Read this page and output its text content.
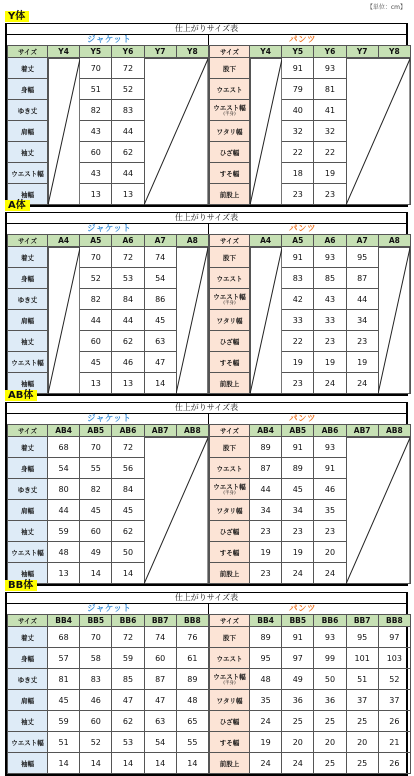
【単位：cm】
Y体
仕上がりサイズ表
ジャケット
サイズ	Y4	Y5	Y6	Y7	Y8
着丈		70	72		
身幅		51	52		
ゆき丈		82	83		
肩幅		43	44		
袖丈		60	62		
ウエスト幅		43	44		
袖幅		13	13		
パンツ
サイズ	Y4	Y5	Y6	Y7	Y8
股下		91	93		
ウエスト		79	81		
ウエスト幅
(半身)		40	41		
ワタリ幅		32	32		
ひざ幅		22	22		
すそ幅		18	19		
前股上		23	23		
A体
仕上がりサイズ表
ジャケット
サイズ	A4	A5	A6	A7	A8
着丈		70	72	74	
身幅		52	53	54	
ゆき丈		82	84	86	
肩幅		44	44	45	
袖丈		60	62	63	
ウエスト幅		45	46	47	
袖幅		13	13	14	
パンツ
サイズ	A4	A5	A6	A7	A8
股下		91	93	95	
ウエスト		83	85	87	
ウエスト幅
(半身)		42	43	44	
ワタリ幅		33	33	34	
ひざ幅		22	23	23	
すそ幅		19	19	19	
前股上		23	24	24	
AB体
仕上がりサイズ表
ジャケット
サイズ	AB4	AB5	AB6	AB7	AB8
着丈	68	70	72		
身幅	54	55	56		
ゆき丈	80	82	84		
肩幅	44	45	45		
袖丈	59	60	62		
ウエスト幅	48	49	50		
袖幅	13	14	14		
パンツ
サイズ	AB4	AB5	AB6	AB7	AB8
股下	89	91	93		
ウエスト	87	89	91		
ウエスト幅
(半身)	44	45	46		
ワタリ幅	34	34	35		
ひざ幅	23	23	23		
すそ幅	19	19	20		
前股上	23	24	24		
BB体
仕上がりサイズ表
ジャケット
サイズ	BB4	BB5	BB6	BB7	BB8
着丈	68	70	72	74	76
身幅	57	58	59	60	61
ゆき丈	81	83	85	87	89
肩幅	45	46	47	47	48
袖丈	59	60	62	63	65
ウエスト幅	51	52	53	54	55
袖幅	14	14	14	14	14
パンツ
サイズ	BB4	BB5	BB6	BB7	BB8
股下	89	91	93	95	97
ウエスト	95	97	99	101	103
ウエスト幅
(半身)	48	49	50	51	52
ワタリ幅	35	36	36	37	37
ひざ幅	24	25	25	25	26
すそ幅	19	20	20	20	21
前股上	24	24	25	25	26
